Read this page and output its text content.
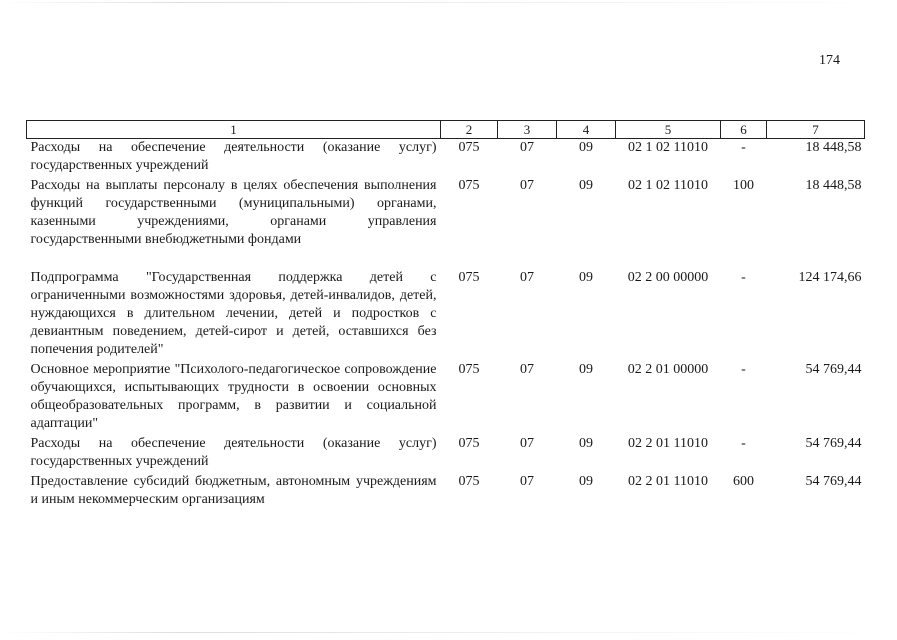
174
1	2	3	4	5	6	7
Расходы на обеспечение деятельности (оказание услуг) государственных учреждений	075	07	09	02 1 02 11010	-	18 448,58
Расходы на выплаты персоналу в целях обеспечения выполнения функций государственными (муниципальными) органами, казенными учреждениями, органами управления государственными внебюджетными фондами	075	07	09	02 1 02 11010	100	18 448,58

Подпрограмма "Государственная поддержка детей с ограниченными возможностями здоровья, детей-инвалидов, детей, нуждающихся в длительном лечении, детей и подростков с девиантным поведением, детей-сирот и детей, оставшихся без попечения родителей"	075	07	09	02 2 00 00000	-	124 174,66
Основное мероприятие "Психолого-педагогическое сопровождение обучающихся, испытывающих трудности в освоении основных общеобразовательных программ, в развитии и социальной адаптации"	075	07	09	02 2 01 00000	-	54 769,44
Расходы на обеспечение деятельности (оказание услуг) государственных учреждений	075	07	09	02 2 01 11010	-	54 769,44
Предоставление субсидий бюджетным, автономным учреждениям и иным некоммерческим организациям	075	07	09	02 2 01 11010	600	54 769,44
